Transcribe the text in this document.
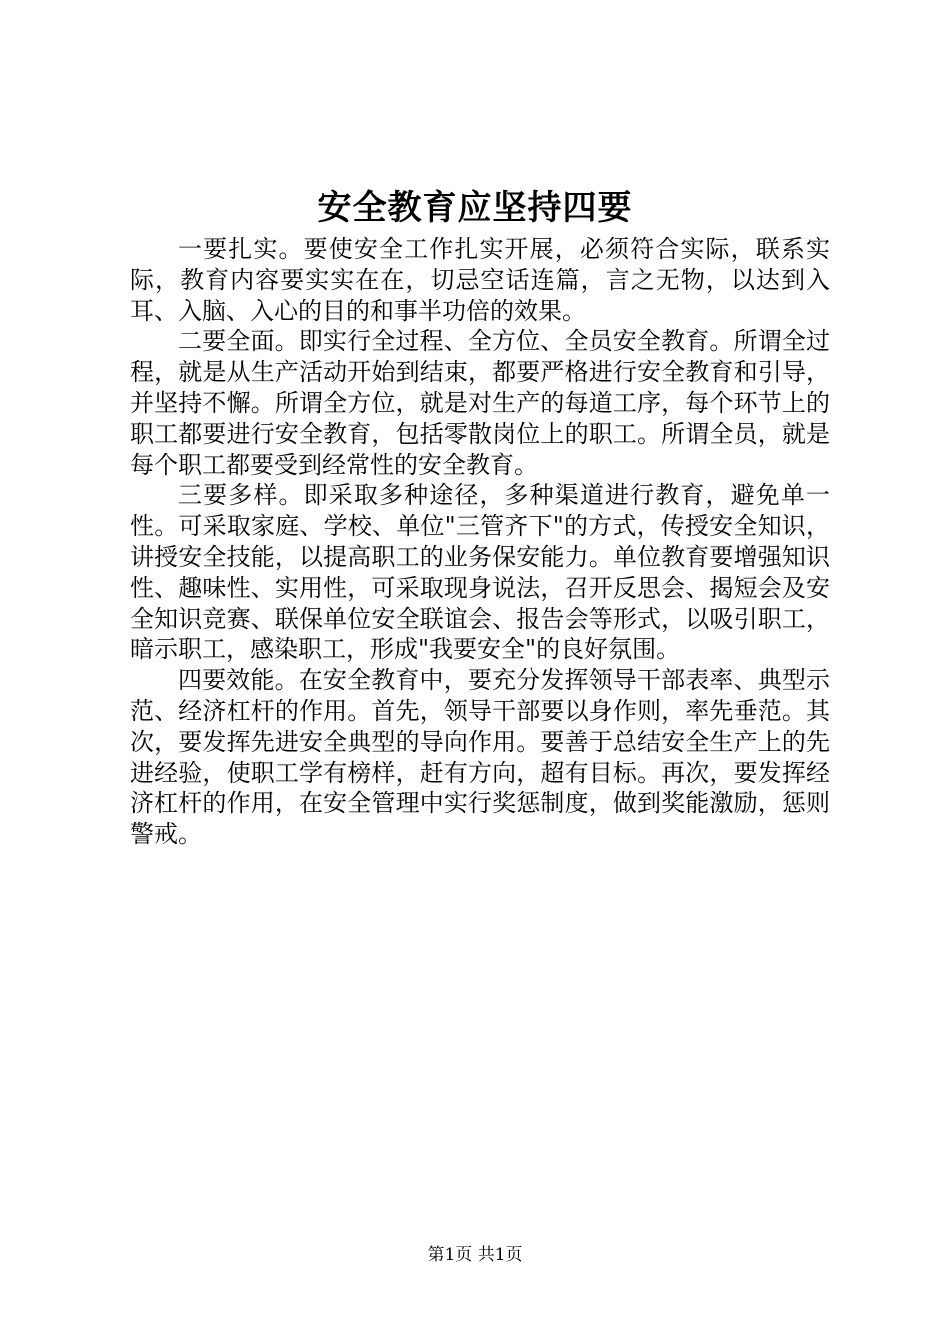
安全教育应坚持四要

一要扎实。要使安全工作扎实开展，必须符合实际，联系实际，教育内容要实实在在，切忌空话连篇，言之无物，以达到入耳、入脑、入心的目的和事半功倍的效果。

二要全面。即实行全过程、全方位、全员安全教育。所谓全过程，就是从生产活动开始到结束，都要严格进行安全教育和引导，并坚持不懈。所谓全方位，就是对生产的每道工序，每个环节上的职工都要进行安全教育，包括零散岗位上的职工。所谓全员，就是每个职工都要受到经常性的安全教育。

三要多样。即采取多种途径，多种渠道进行教育，避免单一性。可采取家庭、学校、单位"三管齐下"的方式，传授安全知识，讲授安全技能，以提高职工的业务保安能力。单位教育要增强知识性、趣味性、实用性，可采取现身说法，召开反思会、揭短会及安全知识竞赛、联保单位安全联谊会、报告会等形式，以吸引职工，暗示职工，感染职工，形成"我要安全"的良好氛围。

四要效能。在安全教育中，要充分发挥领导干部表率、典型示范、经济杠杆的作用。首先，领导干部要以身作则，率先垂范。其次，要发挥先进安全典型的导向作用。要善于总结安全生产上的先进经验，使职工学有榜样，赶有方向，超有目标。再次，要发挥经济杠杆的作用，在安全管理中实行奖惩制度，做到奖能激励，惩则警戒。

第1页 共1页
